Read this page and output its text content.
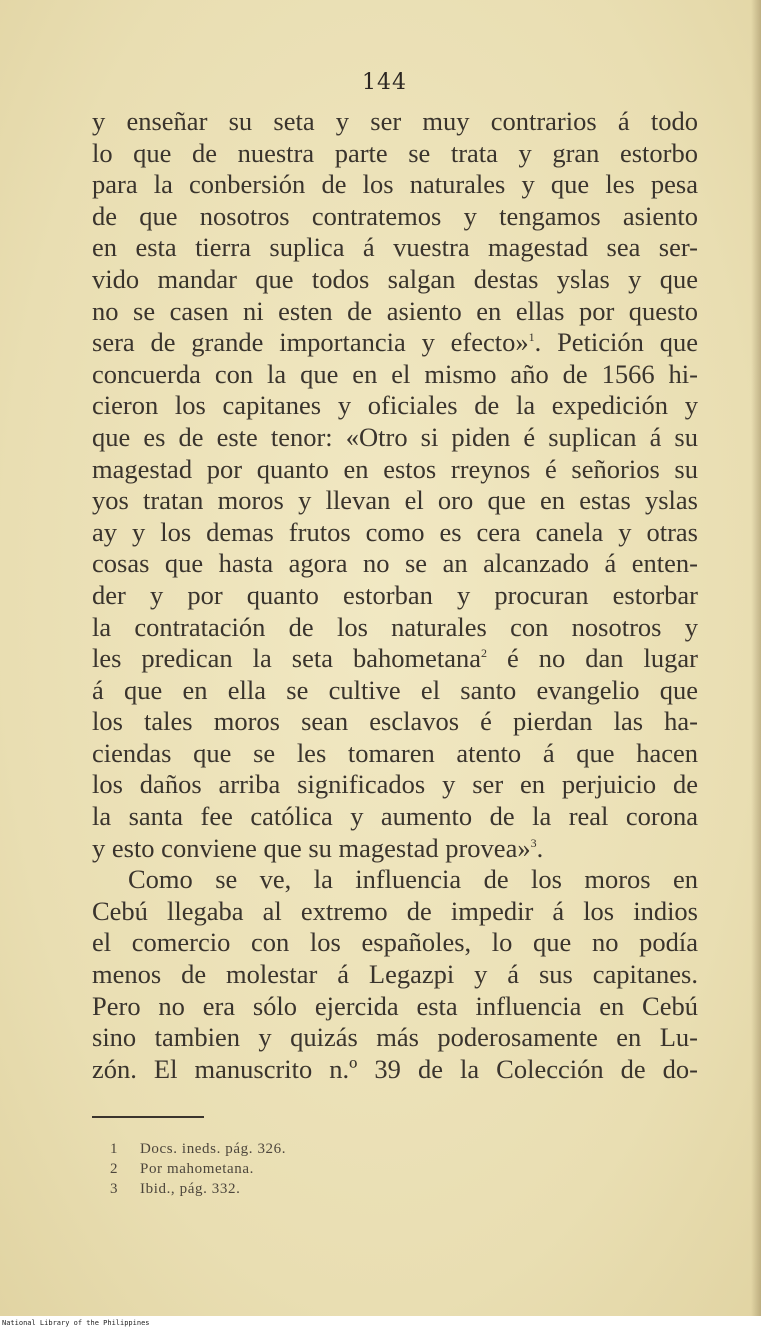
144
y enseñar su seta y ser muy contrarios á todo
lo que de nuestra parte se trata y gran estorbo
para la conbersión de los naturales y que les pesa
de que nosotros contratemos y tengamos asiento
en esta tierra suplica á vuestra magestad sea ser-
vido mandar que todos salgan destas yslas y que
no se casen ni esten de asiento en ellas por questo
sera de grande importancia y efecto»$^1$. Petición que
concuerda con la que en el mismo año de 1566 hi-
cieron los capitanes y oficiales de la expedición y
que es de este tenor: «Otro si piden é suplican á su
magestad por quanto en estos rreynos é señorios su
yos tratan moros y llevan el oro que en estas yslas
ay y los demas frutos como es cera canela y otras
cosas que hasta agora no se an alcanzado á enten-
der y por quanto estorban y procuran estorbar
la contratación de los naturales con nosotros y
les predican la seta bahometana$^2$ é no dan lugar
á que en ella se cultive el santo evangelio que
los tales moros sean esclavos é pierdan las ha-
ciendas que se les tomaren atento á que hacen
los daños arriba significados y ser en perjuicio de
la santa fee católica y aumento de la real corona
y esto conviene que su magestad provea»$^3$.
Como se ve, la influencia de los moros en
Cebú llegaba al extremo de impedir á los indios
el comercio con los españoles, lo que no podía
menos de molestar á Legazpi y á sus capitanes.
Pero no era sólo ejercida esta influencia en Cebú
sino tambien y quizás más poderosamente en Lu-
zón. El manuscrito n.º 39 de la Colección de do-
1 Docs. ineds. pág. 326.
2 Por mahometana.
3 Ibid., pág. 332.
National Library of the Philippines
